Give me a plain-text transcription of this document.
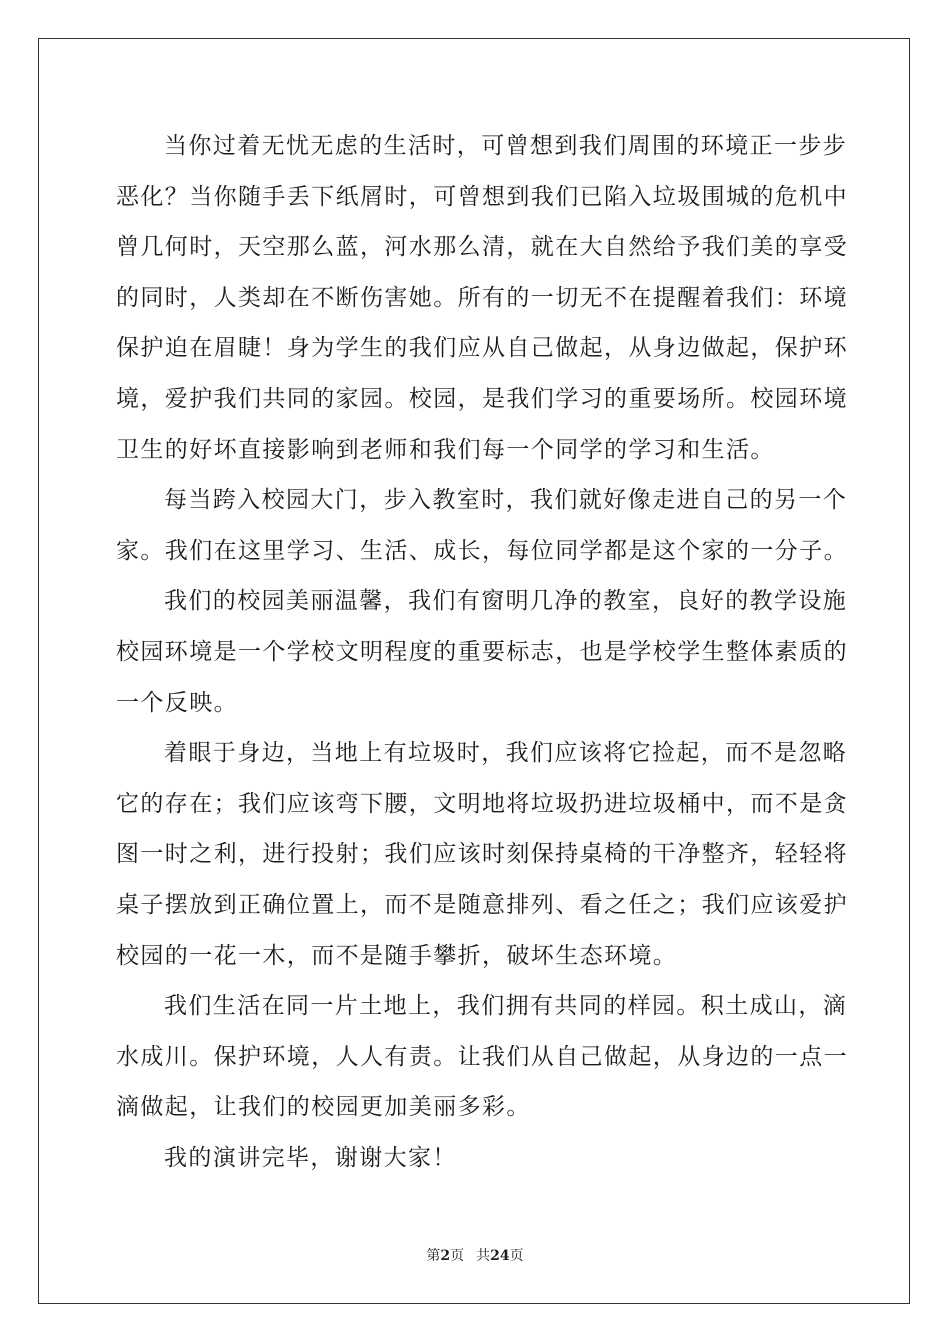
当你过着无忧无虑的生活时，可曾想到我们周围的环境正一步步
恶化？当你随手丢下纸屑时，可曾想到我们已陷入垃圾围城的危机中
曾几何时，天空那么蓝，河水那么清，就在大自然给予我们美的享受
的同时，人类却在不断伤害她。所有的一切无不在提醒着我们：环境
保护迫在眉睫！身为学生的我们应从自己做起，从身边做起，保护环
境，爱护我们共同的家园。校园，是我们学习的重要场所。校园环境
卫生的好坏直接影响到老师和我们每一个同学的学习和生活。
每当跨入校园大门，步入教室时，我们就好像走进自己的另一个
家。我们在这里学习、生活、成长，每位同学都是这个家的一分子。
我们的校园美丽温馨，我们有窗明几净的教室，良好的教学设施
校园环境是一个学校文明程度的重要标志，也是学校学生整体素质的
一个反映。
着眼于身边，当地上有垃圾时，我们应该将它捡起，而不是忽略
它的存在；我们应该弯下腰，文明地将垃圾扔进垃圾桶中，而不是贪
图一时之利，进行投射；我们应该时刻保持桌椅的干净整齐，轻轻将
桌子摆放到正确位置上，而不是随意排列、看之任之；我们应该爱护
校园的一花一木，而不是随手攀折，破坏生态环境。
我们生活在同一片土地上，我们拥有共同的样园。积土成山，滴
水成川。保护环境，人人有责。让我们从自己做起，从身边的一点一
滴做起，让我们的校园更加美丽多彩。
我的演讲完毕，谢谢大家！
第2页 共24页
